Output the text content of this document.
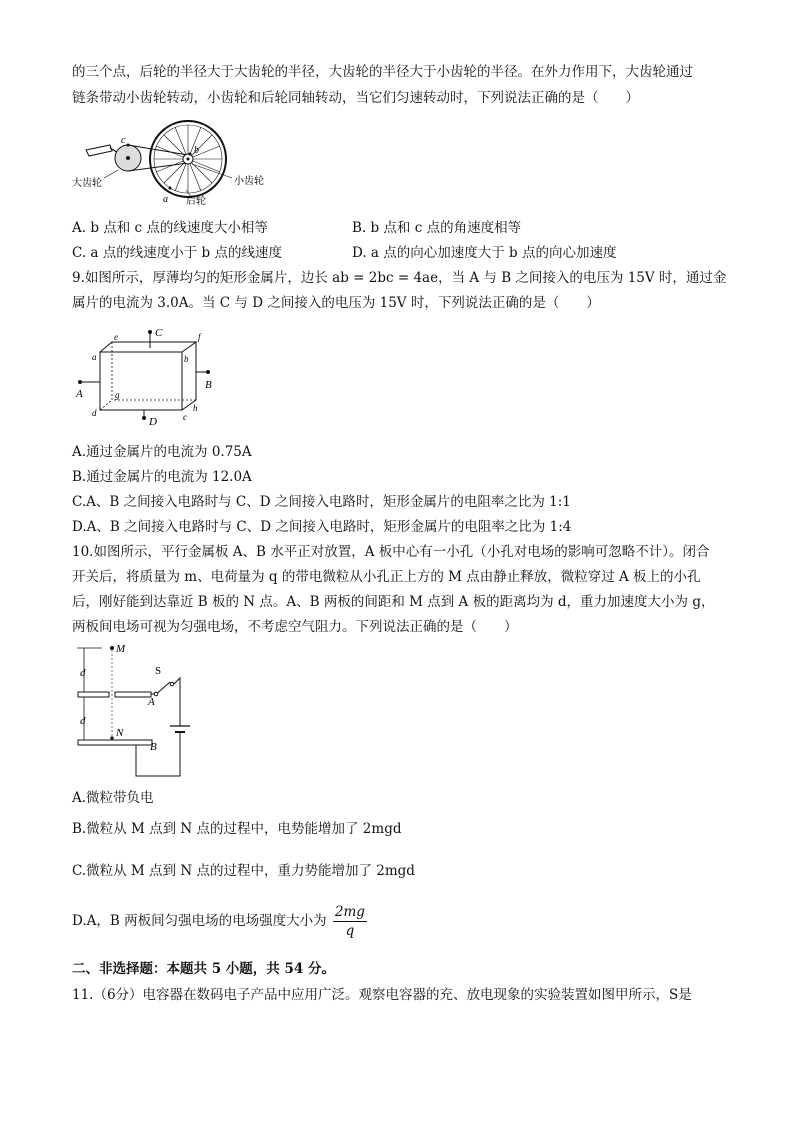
的三个点，后轮的半径大于大齿轮的半径，大齿轮的半径大于小齿轮的半径。在外力作用下，大齿轮通过
链条带动小齿轮转动，小齿轮和后轮同轴转动，当它们匀速转动时，下列说法正确的是（　　）
c
b
a
大齿轮	小齿轮
后轮
A. b 点和 c 点的线速度大小相等	B. b 点和 c 点的角速度相等
C. a 点的线速度小于 b 点的线速度	D. a 点的向心加速度大于 b 点的向心加速度
9.如图所示，厚薄均匀的矩形金属片，边长 ab = 2bc = 4ae，当 A 与 B 之间接入的电压为 15V 时，通过金
属片的电流为 3.0A。当 C 与 D 之间接入的电压为 15V 时，下列说法正确的是（　　）
C
D
A
B
a	b
c
d
e	f
g
h
A.通过金属片的电流为 0.75A
B.通过金属片的电流为 12.0A
C.A、B 之间接入电路时与 C、D 之间接入电路时，矩形金属片的电阻率之比为 1:1
D.A、B 之间接入电路时与 C、D 之间接入电路时，矩形金属片的电阻率之比为 1:4
10.如图所示，平行金属板 A、B 水平正对放置，A 板中心有一小孔（小孔对电场的影响可忽略不计）。闭合
开关后，将质量为 m、电荷量为 q 的带电微粒从小孔正上方的 M 点由静止释放，微粒穿过 A 板上的小孔
后，刚好能到达靠近 B 板的 N 点。A、B 两板的间距和 M 点到 A 板的距离均为 d，重力加速度大小为 g，
两板间电场可视为匀强电场，不考虑空气阻力。下列说法正确的是（　　）
d
d
M
A
S
B
N
A.微粒带负电
B.微粒从 M 点到 N 点的过程中，电势能增加了 2mgd
C.微粒从 M 点到 N 点的过程中，重力势能增加了 2mgd
D.A，B 两板间匀强电场的电场强度大小为 $\frac{2mg}{q}$
二、非选择题：本题共 5 小题，共 54 分。
11.（6分）电容器在数码电子产品中应用广泛。观察电容器的充、放电现象的实验装置如图甲所示，S是
